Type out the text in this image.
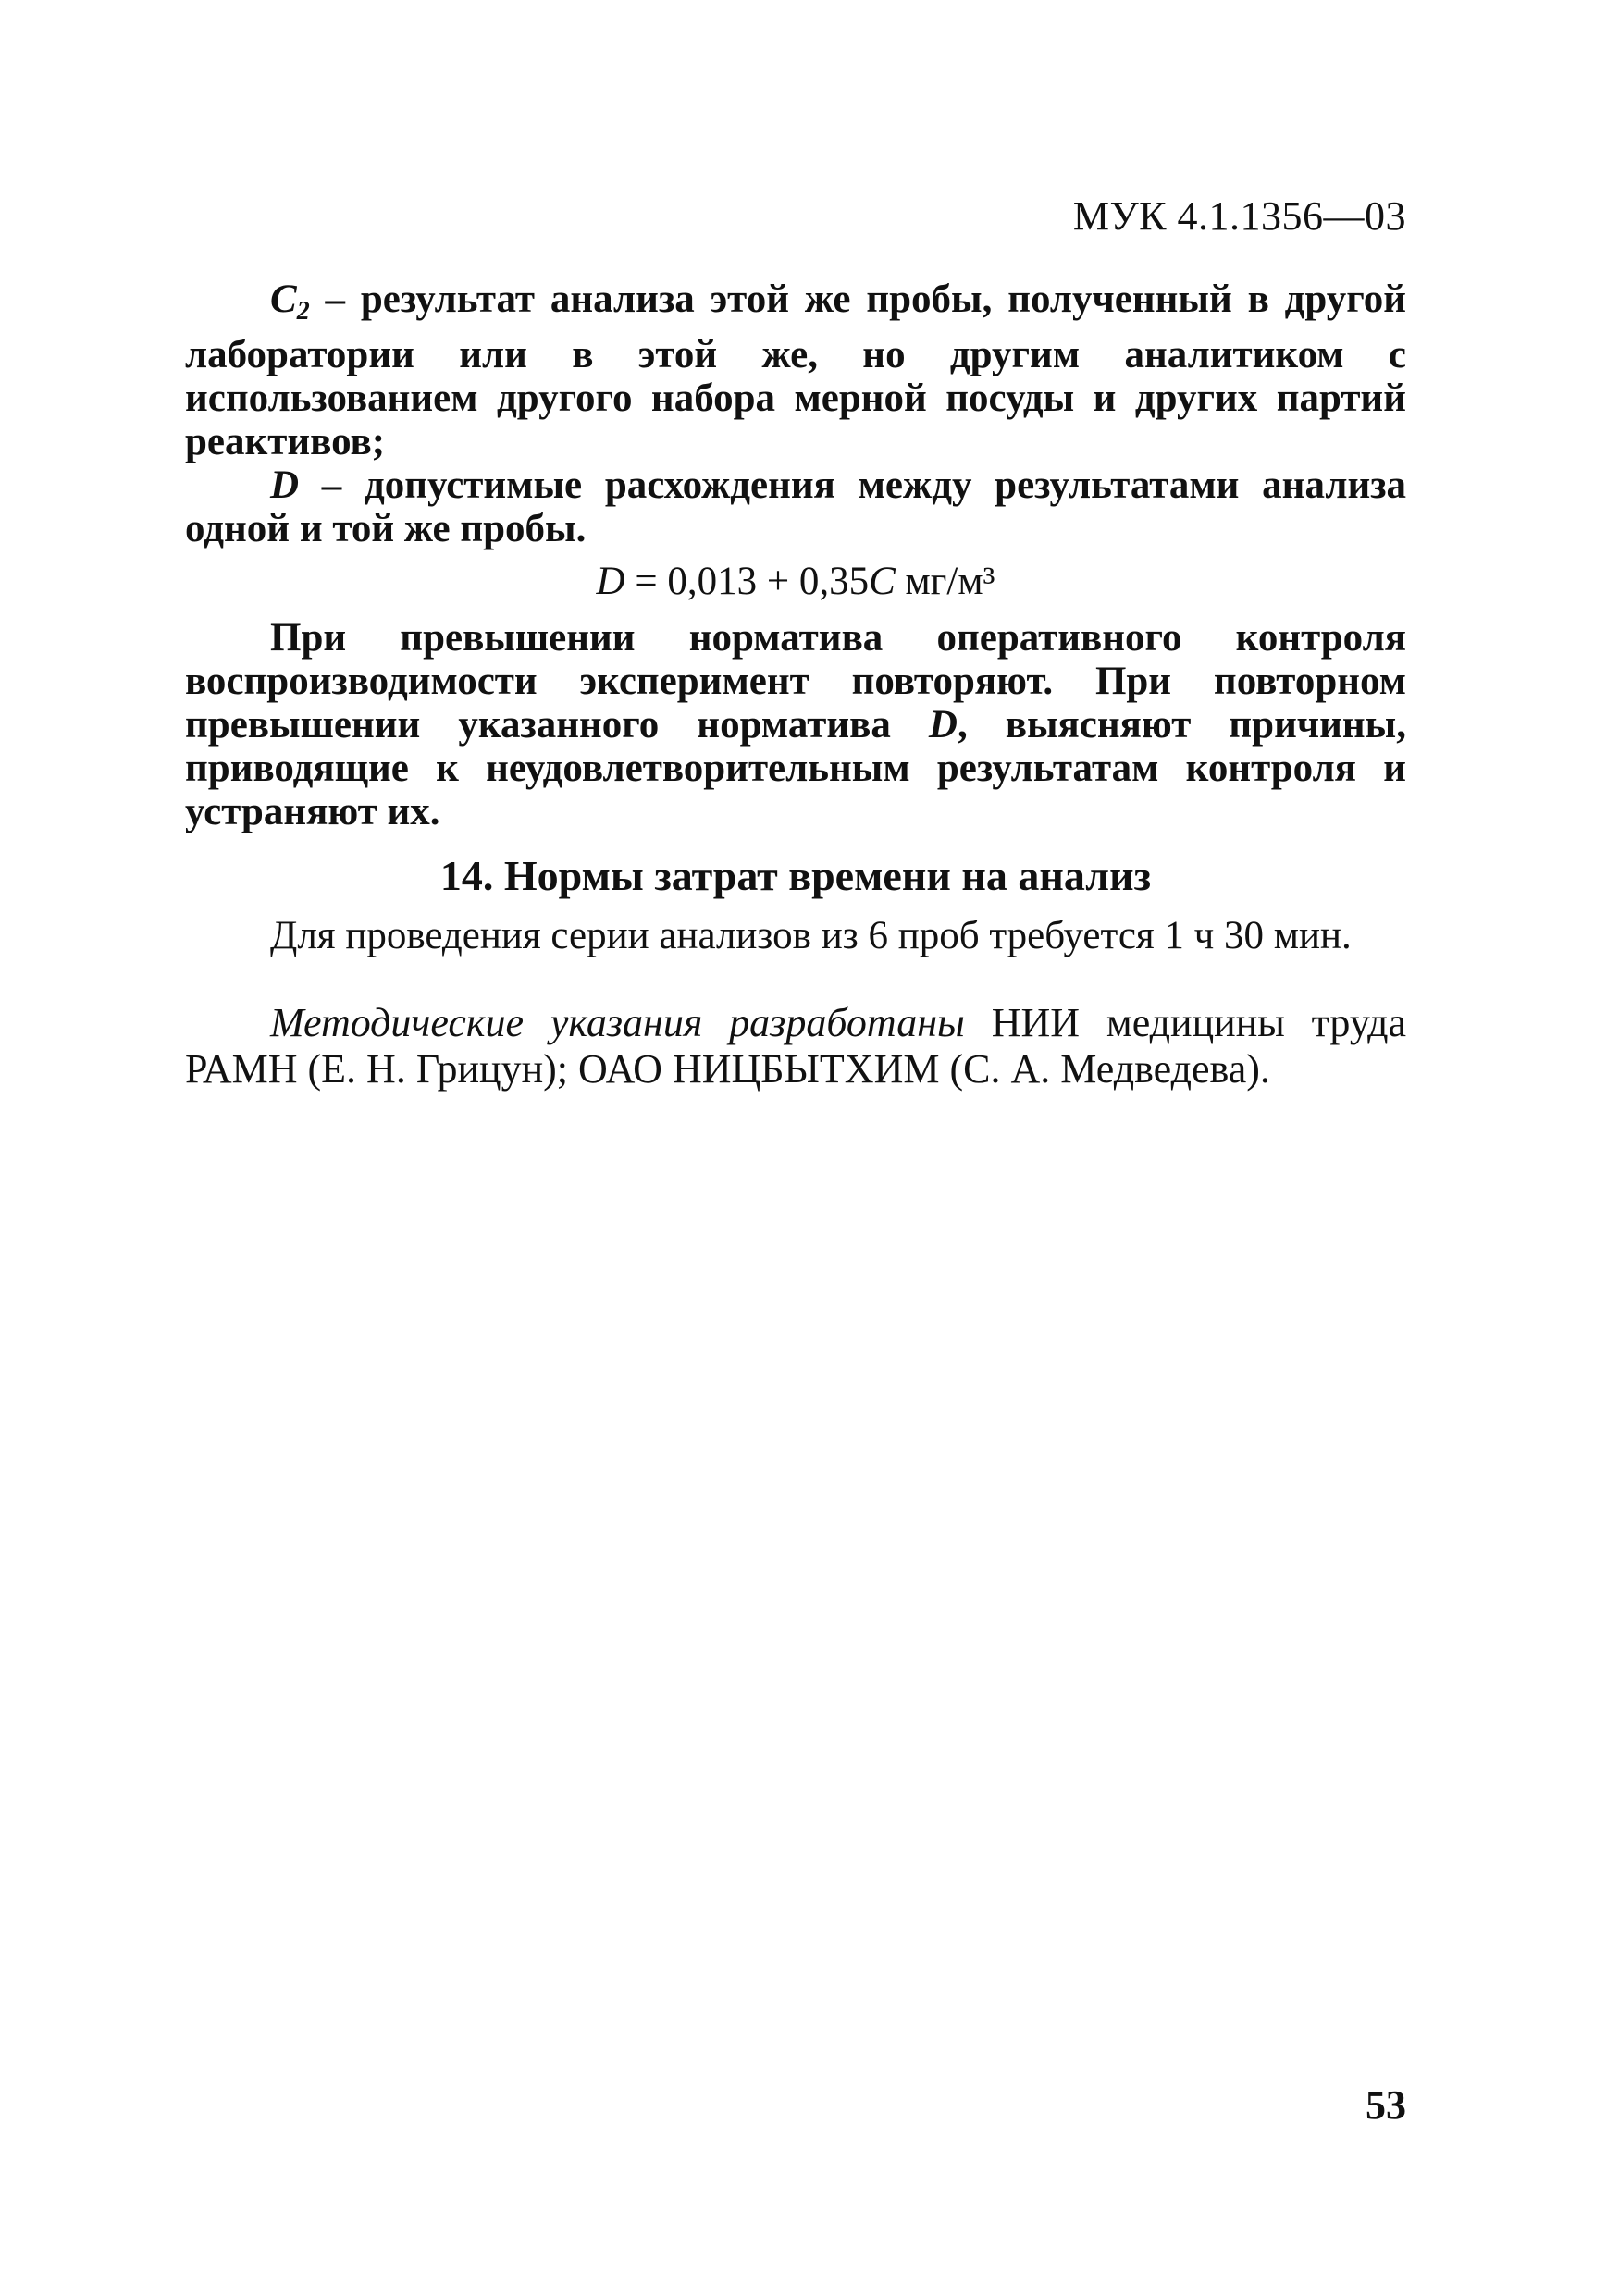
МУК 4.1.1356—03

$C_2$ – результат анализа этой же пробы, полученный в другой лаборатории или в этой же, но другим аналитиком с использованием другого набора мерной посуды и других партий реактивов;

D – допустимые расхождения между результатами анализа одной и той же пробы.

D = 0,013 + 0,35C мг/м³

При превышении норматива оперативного контроля воспроизводимости эксперимент повторяют. При повторном превышении указанного норматива D, выясняют причины, приводящие к неудовлетворительным результатам контроля и устраняют их.

14. Нормы затрат времени на анализ

Для проведения серии анализов из 6 проб требуется 1 ч 30 мин.

Методические указания разработаны НИИ медицины труда РАМН (Е. Н. Грицун); ОАО НИЦБЫТХИМ (С. А. Медведева).

53
